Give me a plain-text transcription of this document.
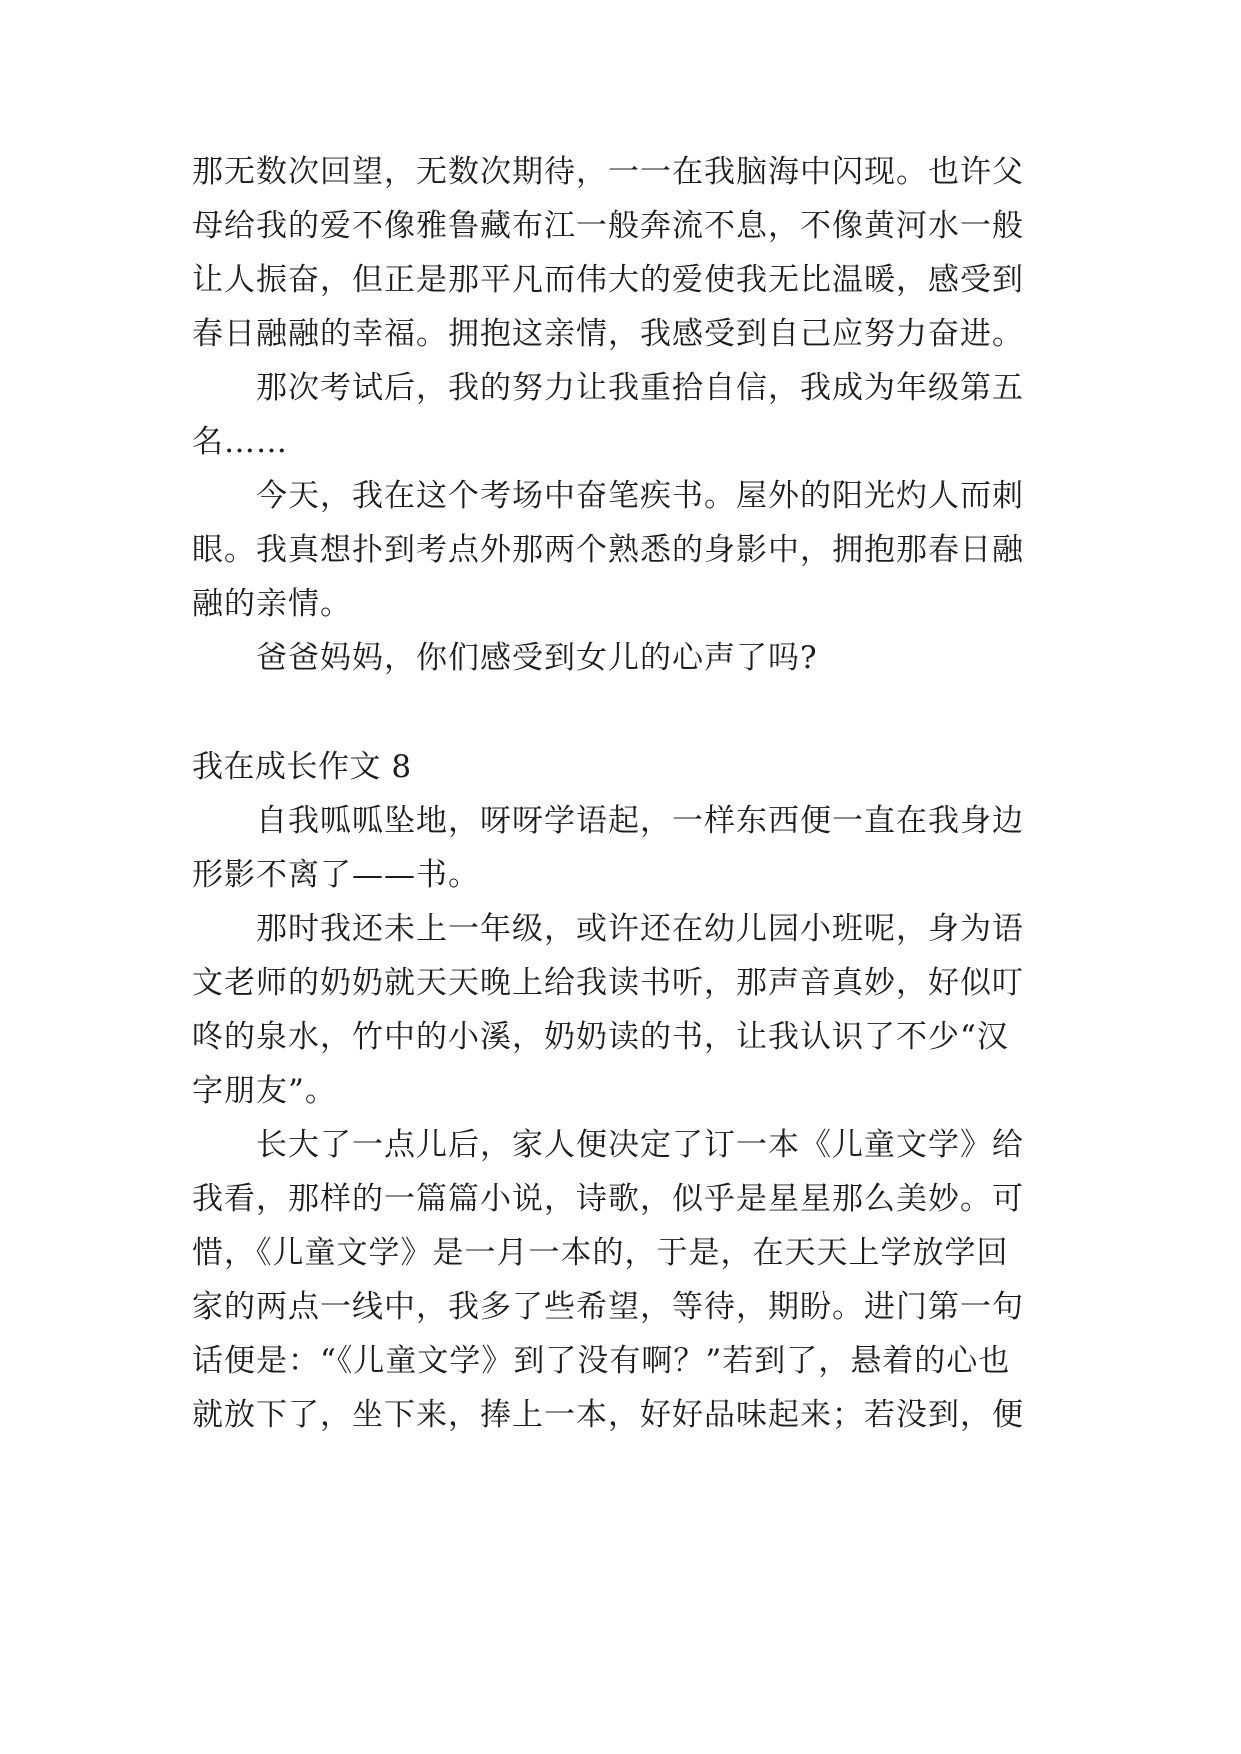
那无数次回望，无数次期待，一一在我脑海中闪现。也许父
母给我的爱不像雅鲁藏布江一般奔流不息，不像黄河水一般
让人振奋，但正是那平凡而伟大的爱使我无比温暖，感受到
春日融融的幸福。拥抱这亲情，我感受到自己应努力奋进。
那次考试后，我的努力让我重拾自信，我成为年级第五
名……
今天，我在这个考场中奋笔疾书。屋外的阳光灼人而刺
眼。我真想扑到考点外那两个熟悉的身影中，拥抱那春日融
融的亲情。
爸爸妈妈，你们感受到女儿的心声了吗?
我在成长作文 8
自我呱呱坠地，呀呀学语起，一样东西便一直在我身边
形影不离了——书。
那时我还未上一年级，或许还在幼儿园小班呢，身为语
文老师的奶奶就天天晚上给我读书听，那声音真妙，好似叮
咚的泉水，竹中的小溪，奶奶读的书，让我认识了不少“汉
字朋友”。
长大了一点儿后，家人便决定了订一本《儿童文学》给
我看，那样的一篇篇小说，诗歌，似乎是星星那么美妙。可
惜，《儿童文学》是一月一本的，于是，在天天上学放学回
家的两点一线中，我多了些希望，等待，期盼。进门第一句
话便是：“《儿童文学》到了没有啊？”若到了，悬着的心也
就放下了，坐下来，捧上一本，好好品味起来；若没到，便
